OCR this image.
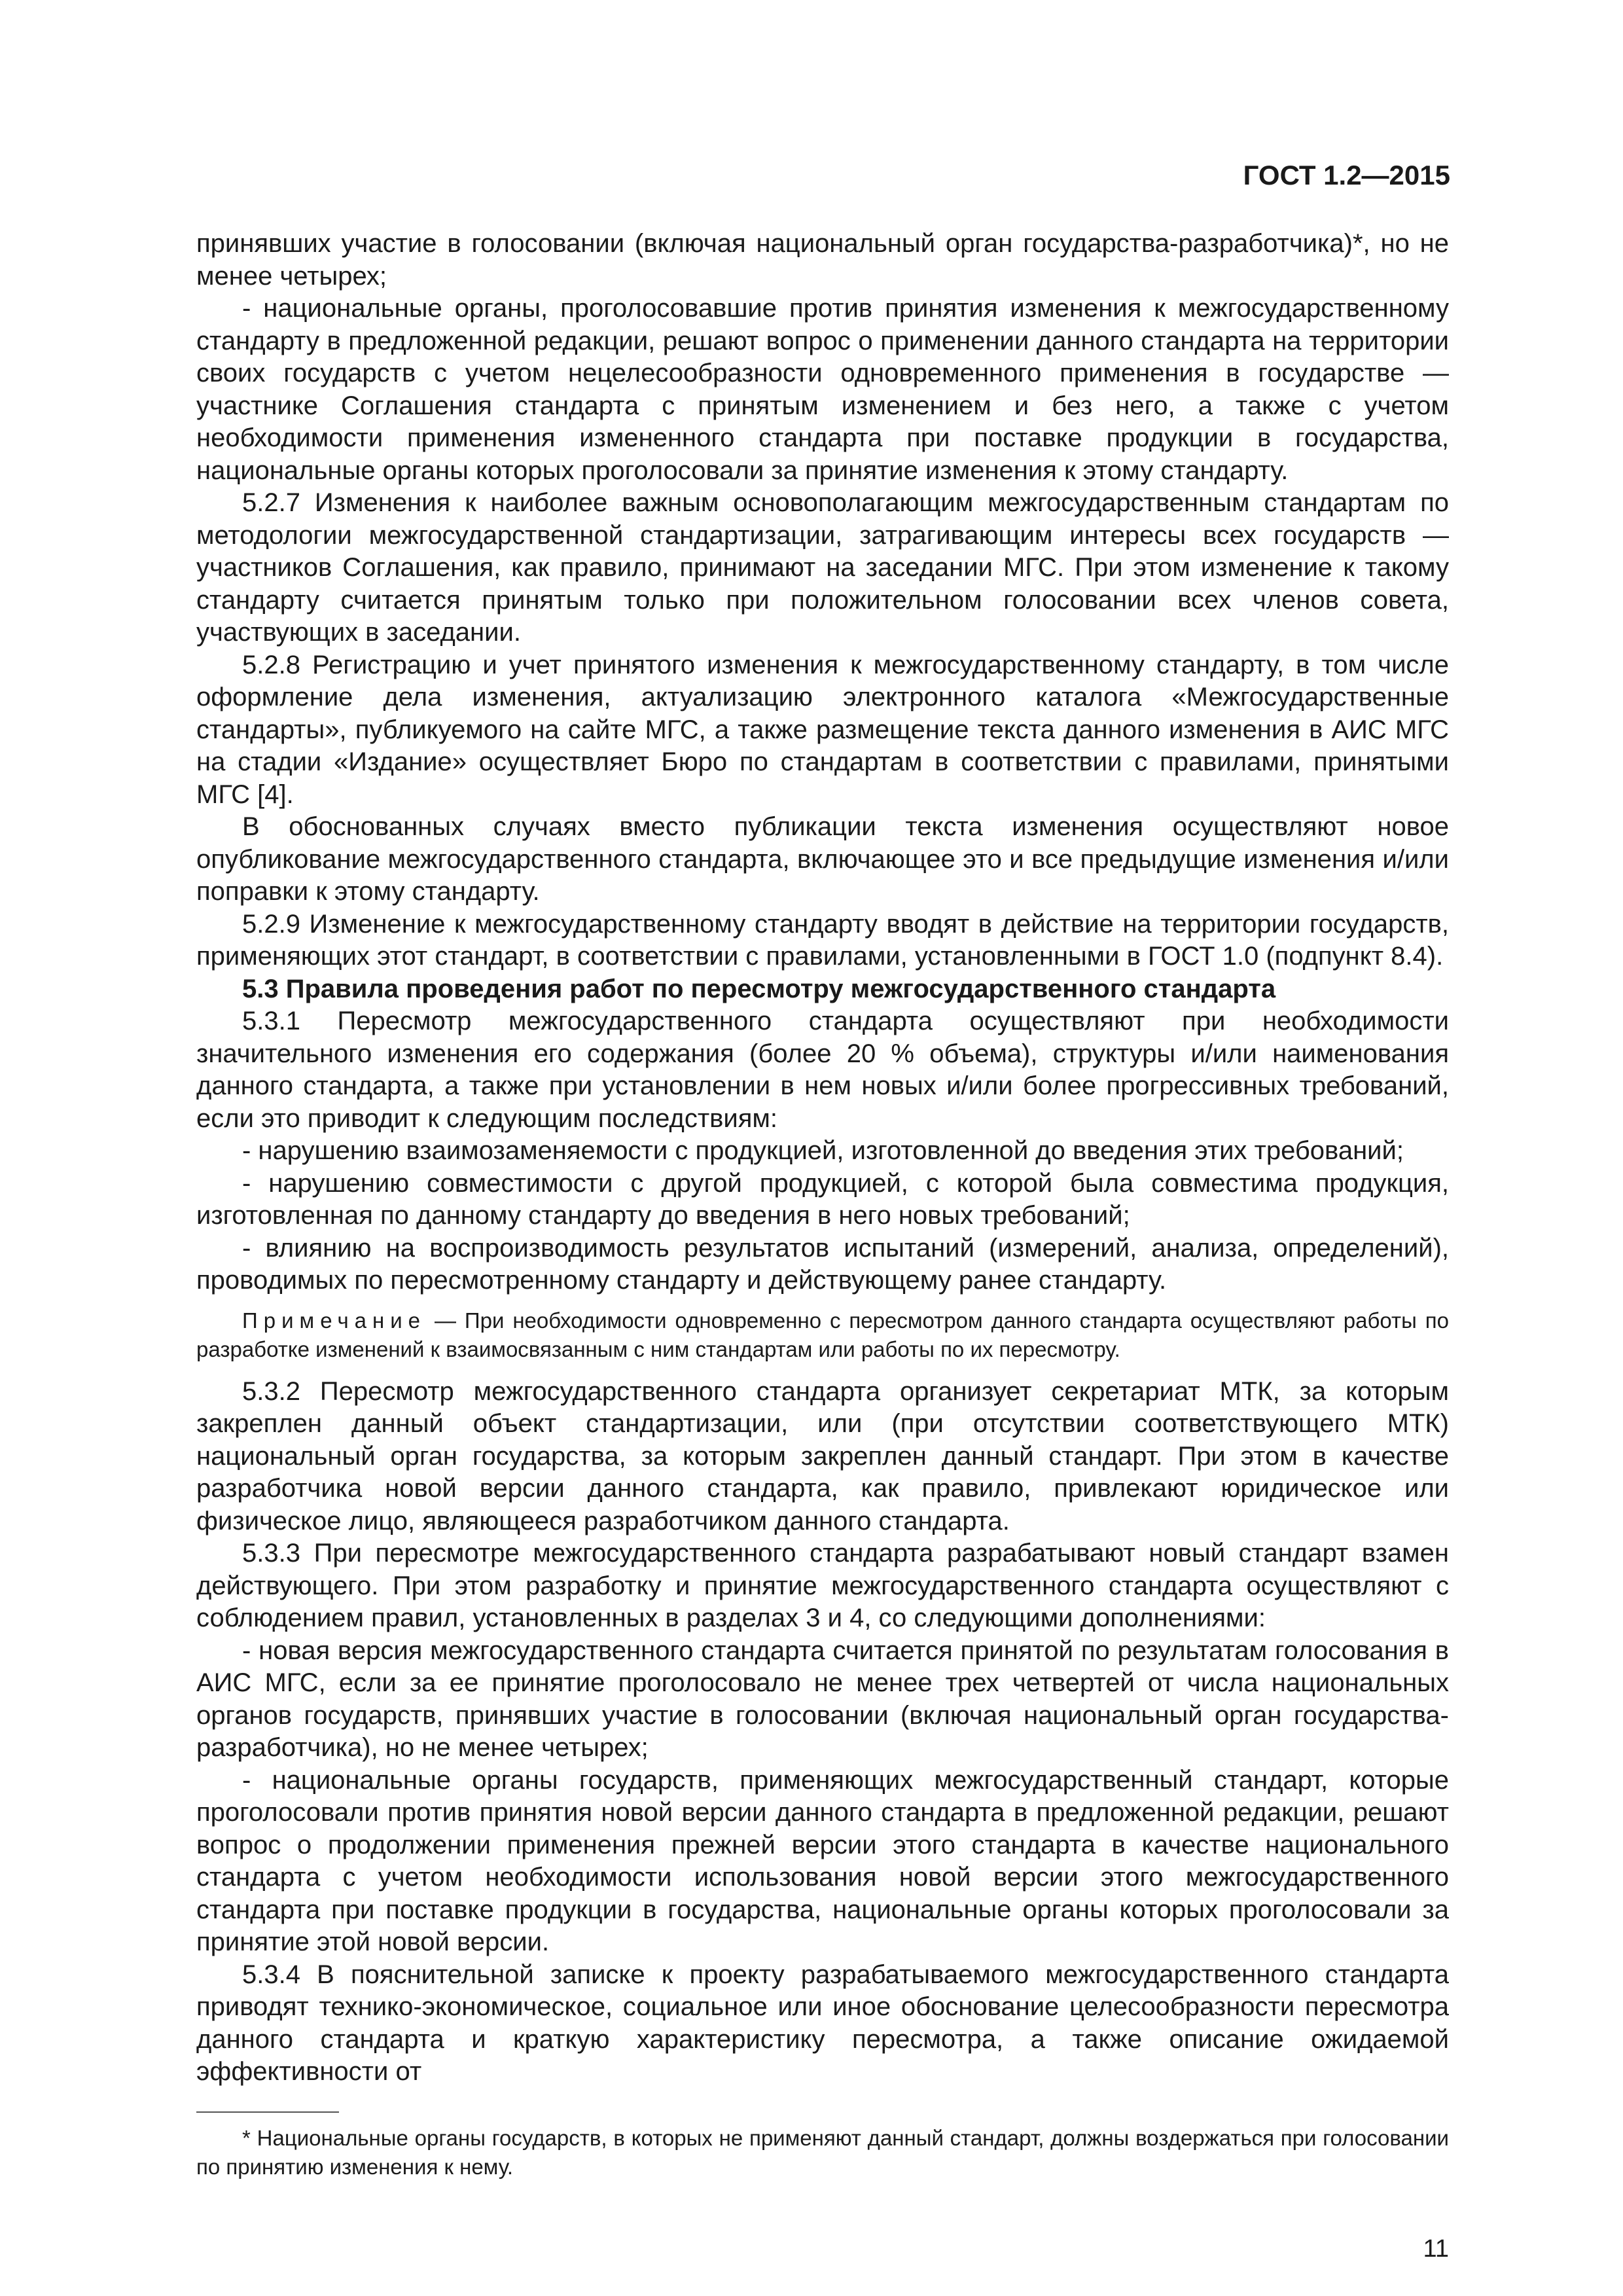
ГОСТ 1.2—2015

принявших участие в голосовании (включая национальный орган государства-разработчика)*, но не менее четырех;

- национальные органы, проголосовавшие против принятия изменения к межгосударственному стандарту в предложенной редакции, решают вопрос о применении данного стандарта на территории своих государств с учетом нецелесообразности одновременного применения в государстве — участнике Соглашения стандарта с принятым изменением и без него, а также с учетом необходимости применения измененного стандарта при поставке продукции в государства, национальные органы которых проголосовали за принятие изменения к этому стандарту.

5.2.7 Изменения к наиболее важным основополагающим межгосударственным стандартам по методологии межгосударственной стандартизации, затрагивающим интересы всех государств — участников Соглашения, как правило, принимают на заседании МГС. При этом изменение к такому стандарту считается принятым только при положительном голосовании всех членов совета, участвующих в заседании.

5.2.8 Регистрацию и учет принятого изменения к межгосударственному стандарту, в том числе оформление дела изменения, актуализацию электронного каталога «Межгосударственные стандарты», публикуемого на сайте МГС, а также размещение текста данного изменения в АИС МГС на стадии «Издание» осуществляет Бюро по стандартам в соответствии с правилами, принятыми МГС [4].

В обоснованных случаях вместо публикации текста изменения осуществляют новое опубликование межгосударственного стандарта, включающее это и все предыдущие изменения и/или поправки к этому стандарту.

5.2.9 Изменение к межгосударственному стандарту вводят в действие на территории государств, применяющих этот стандарт, в соответствии с правилами, установленными в ГОСТ 1.0 (подпункт 8.4).

5.3 Правила проведения работ по пересмотру межгосударственного стандарта

5.3.1 Пересмотр межгосударственного стандарта осуществляют при необходимости значительного изменения его содержания (более 20 % объема), структуры и/или наименования данного стандарта, а также при установлении в нем новых и/или более прогрессивных требований, если это приводит к следующим последствиям:

- нарушению взаимозаменяемости с продукцией, изготовленной до введения этих требований;

- нарушению совместимости с другой продукцией, с которой была совместима продукция, изготовленная по данному стандарту до введения в него новых требований;

- влиянию на воспроизводимость результатов испытаний (измерений, анализа, определений), проводимых по пересмотренному стандарту и действующему ранее стандарту.

Примечание — При необходимости одновременно с пересмотром данного стандарта осуществляют работы по разработке изменений к взаимосвязанным с ним стандартам или работы по их пересмотру.

5.3.2 Пересмотр межгосударственного стандарта организует секретариат МТК, за которым закреплен данный объект стандартизации, или (при отсутствии соответствующего МТК) национальный орган государства, за которым закреплен данный стандарт. При этом в качестве разработчика новой версии данного стандарта, как правило, привлекают юридическое или физическое лицо, являющееся разработчиком данного стандарта.

5.3.3 При пересмотре межгосударственного стандарта разрабатывают новый стандарт взамен действующего. При этом разработку и принятие межгосударственного стандарта осуществляют с соблюдением правил, установленных в разделах 3 и 4, со следующими дополнениями:

- новая версия межгосударственного стандарта считается принятой по результатам голосования в АИС МГС, если за ее принятие проголосовало не менее трех четвертей от числа национальных органов государств, принявших участие в голосовании (включая национальный орган государства-разработчика), но не менее четырех;

- национальные органы государств, применяющих межгосударственный стандарт, которые проголосовали против принятия новой версии данного стандарта в предложенной редакции, решают вопрос о продолжении применения прежней версии этого стандарта в качестве национального стандарта с учетом необходимости использования новой версии этого межгосударственного стандарта при поставке продукции в государства, национальные органы которых проголосовали за принятие этой новой версии.

5.3.4 В пояснительной записке к проекту разрабатываемого межгосударственного стандарта приводят технико-экономическое, социальное или иное обоснование целесообразности пересмотра данного стандарта и краткую характеристику пересмотра, а также описание ожидаемой эффективности от

* Национальные органы государств, в которых не применяют данный стандарт, должны воздержаться при голосовании по принятию изменения к нему.

11
